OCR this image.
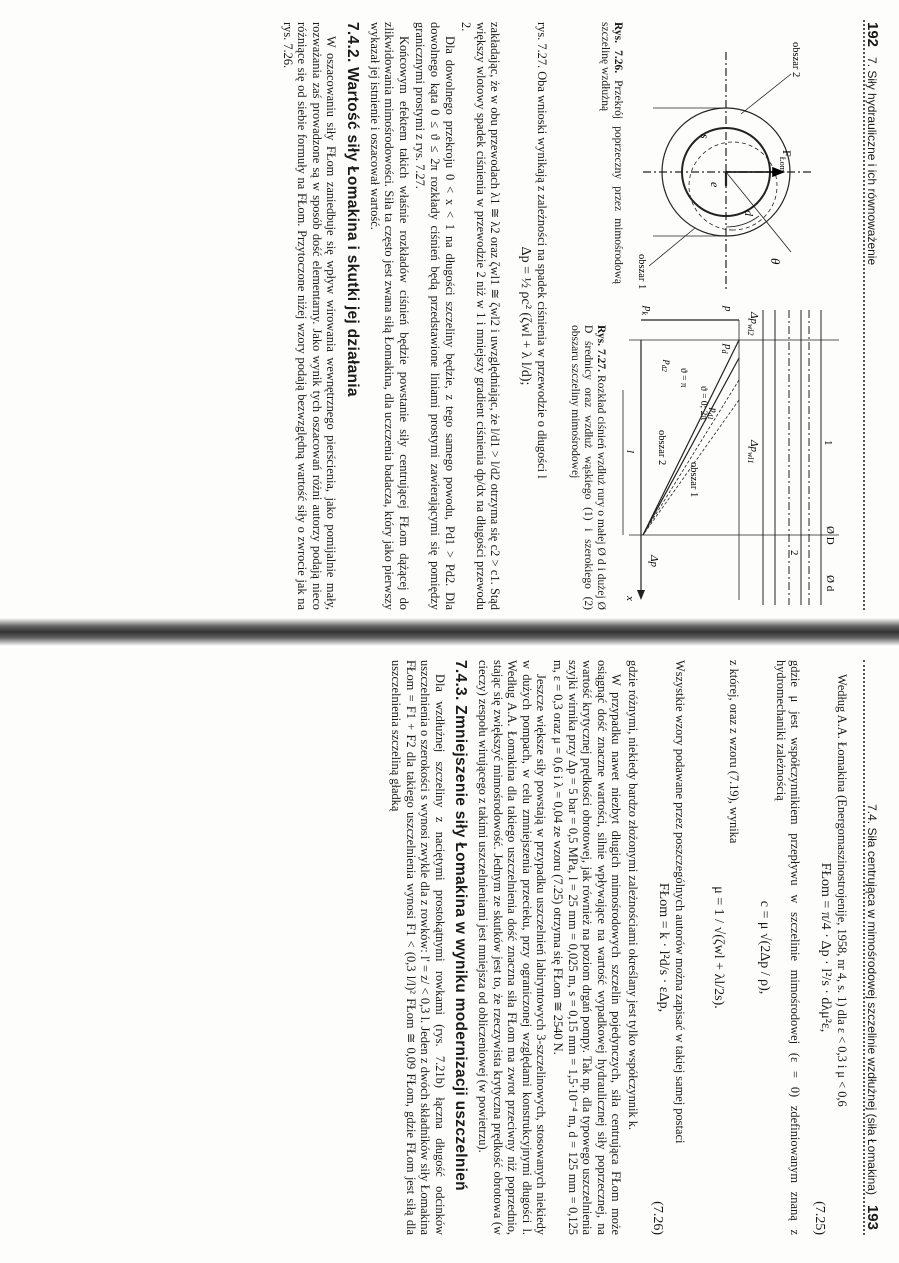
192   7. Siły hydrauliczne i ich równoważenie
$F_{Łom}$
d
e
s
θ
obszar 2
obszar 1
Rys. 7.26. Przekrój poprzeczny przez mimośrodową szczelinę wzdłużną
x
l
Ø D
Ø d
1
2
$\Delta p_{wl2}$
$\Delta p_{wl1}$
Δp
p
$p_d$
$p_k$
ϑ = 0; 2π
ϑ = π
obszar 1
obszar 2
$p_{d1}$
$p_{d2}$
Rys. 7.27. Rozkład ciśnień wzdłuż rury o małej Ø d i dużej Ø D średnicy oraz wzdłuż wąskiego (1) i szerokiego (2) obszaru szczeliny mimośrodowej

rys. 7.27. Oba wnioski wynikają z zależności na spadek ciśnienia w przewodzie o długości l

Δp = ½ ρc² (ζwl + λ l/d);

zakładając, że w obu przewodach λ1 ≅ λ2 oraz ζwl1 ≅ ζwl2 i uwzględniając, że l/d1 > l/d2 otrzyma się c2 > c1. Stąd większy wlotowy spadek ciśnienia w przewodzie 2 niż w 1 i mniejszy gradient ciśnienia dp/dx na długości przewodu 2.

Dla dowolnego przekroju 0 < x < 1 na długości szczeliny będzie, z tego samego powodu, Pd1 > Pd2. Dla dowolnego kąta 0 ≤ ϑ ≤ 2π rozkłady ciśnień będą przedstawione liniami prostymi zawierającymi się pomiędzy granicznymi prostymi z rys. 7.27.

Końcowym efektem takich właśnie rozkładów ciśnień będzie powstanie siły centrującej FŁom dążącej do zlikwidowania mimośrodowości. Siła ta często jest zwana siłą Łomakina, dla uczczenia badacza, który jako pierwszy wykazał jej istnienie i oszacował wartość.

7.4.2. Wartość siły Łomakina i skutki jej działania

W oszacowaniu siły FŁom zaniedbuje się wpływ wirowania wewnętrznego pierścienia, jako pomijalnie mały, rozważania zaś prowadzone są w sposób dość elementarny. Jako wynik tych oszacowań różni autorzy podają nieco różniące się od siebie formuły na FŁom. Przytoczone niżej wzory podają bezwzględną wartość siły o zwrocie jak na rys. 7.26.

7.4. Siła centrująca w mimośrodowej szczelinie wzdłużnej (siła Łomakina)   193

Według A.A. Łomakina (Energomaszinostrojenije, 1958, nr 4, s. 1) dla ε < 0,3 i μ < 0,6

FŁom = π/4 · Δp · l²/s · dλμ²ε,
(7.25)

gdzie μ jest współczynnikiem przepływu w szczelinie mimośrodowej (ε = 0) zdefiniowanym znaną z hydromechaniki zależnością

c = μ √(2Δp / ρ),

z której, oraz z wzoru (7.19), wynika

μ = 1 / √(ζwl + λl/2s).

Wszystkie wzory podawane przez poszczególnych autorów można zapisać w takiej samej postaci

FŁom = k · l²d/s · εΔp,
(7.26)

gdzie różnymi, niekiedy bardzo złożonymi zależnościami określany jest tylko współczynnik k.

W przypadku nawet niezbyt długich mimośrodowych szczelin pojedynczych, siła centrująca FŁom może osiągnąć dość znaczne wartości, silnie wpływające na wartość wypadkowej hydraulicznej siły poprzecznej, na wartość krytycznej prędkości obrotowej, jak również na poziom drgań pompy. Tak np. dla typowego uszczelnienia szyjki wirnika przy Δp = 5 bar = 0,5 MPa, l = 25 mm = 0,025 m, s = 0,15 mm = 1,5·10⁻⁴ m, d = 125 mm = 0,125 m, ε = 0,3 oraz μ = 0,6 i λ = 0,04 ze wzoru (7.25) otrzyma się FŁom ≅ 2540 N.

Jeszcze większe siły powstają w przypadku uszczelnień labiryntowych 3-szczelinowych, stosowanych niekiedy w dużych pompach, w celu zmniejszenia przecieku, przy ograniczonej względami konstrukcyjnymi długości l. Według A.A. Łomakina dla takiego uszczelnienia dość znaczna siła FŁom ma zwrot przeciwny niż poprzednio, stając się zwiększyć mimośrodowość. Jednym ze skutków jest to, że rzeczywista krytyczna prędkość obrotowa (w cieczy) zespołu wirującego z takimi uszczelnieniami jest mniejsza od obliczeniowej (w powietrzu).

7.4.3. Zmniejszenie siły Łomakina w wyniku modernizacji uszczelnień

Dla wzdłużnej szczeliny z naciętymi prostokątnymi rowkami (rys. 7.21b) łączna długość odcinków uszczelnienia o szerokości s wynosi zwykle dla z rowków: l' = z/ < 0,3 l. Jeden z dwóch składników siły Łomakina FŁom = F1 + F2 dla takiego uszczelnienia wynosi F1 < (0,3 l/l)² FŁom ≅ 0,09 FŁom, gdzie FŁom jest siłą dla uszczelnienia szczeliną gładką
